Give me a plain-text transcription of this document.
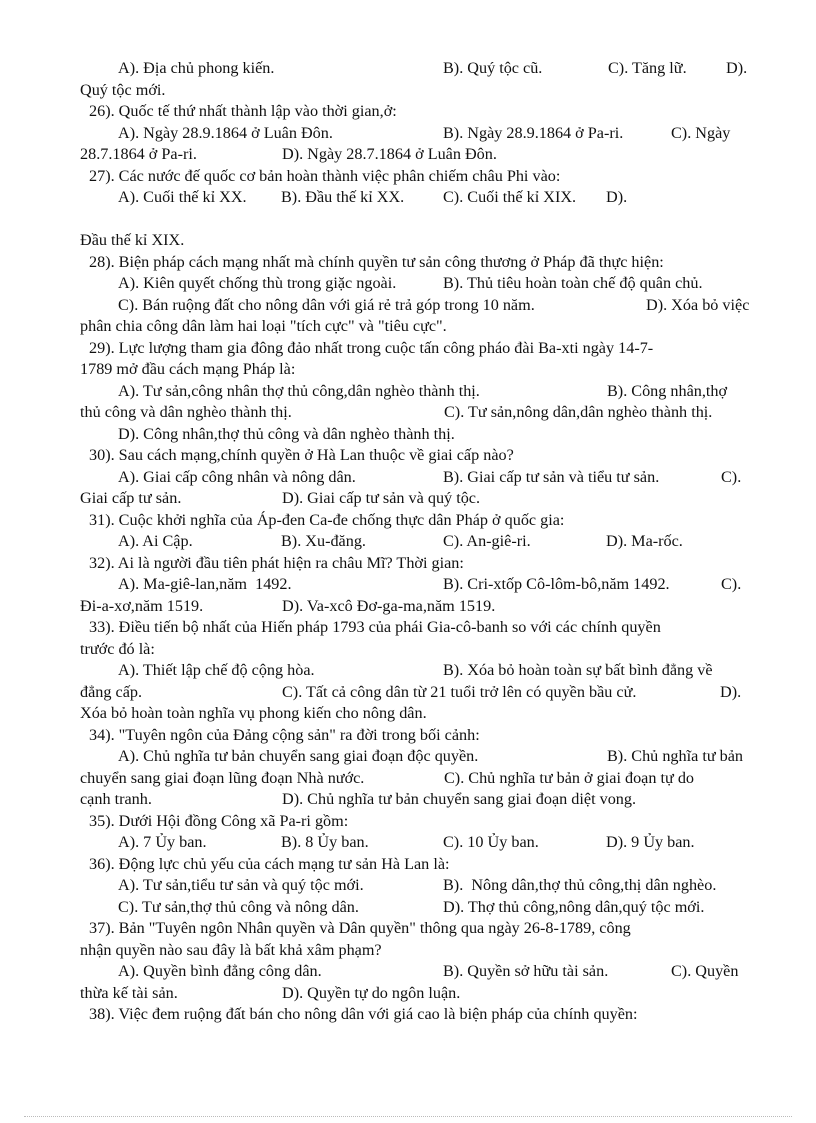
A). Địa chủ phong kiến.	B). Quý tộc cũ.	C). Tăng lữ. D).
Quý tộc mới.
26). Quốc tế thứ nhất thành lập vào thời gian,ở:
A). Ngày 28.9.1864 ở Luân Đôn.	B). Ngày 28.9.1864 ở Pa-ri.	C). Ngày
28.7.1864 ở Pa-ri.	D). Ngày 28.7.1864 ở Luân Đôn.
27). Các nước đế quốc cơ bản hoàn thành việc phân chiếm châu Phi vào:
A). Cuối thế kỉ XX. B). Đầu thế kỉ XX. C). Cuối thế kỉ XIX. D).
Đầu thế kỉ XIX.
28). Biện pháp cách mạng nhất mà chính quyền tư sản công thương ở Pháp đã thực hiện:
A). Kiên quyết chống thù trong giặc ngoài.	B). Thủ tiêu hoàn toàn chế độ quân chủ.
C). Bán ruộng đất cho nông dân với giá rẻ trả góp trong 10 năm.	D). Xóa bỏ việc
phân chia công dân làm hai loại "tích cực" và "tiêu cực".
29). Lực lượng tham gia đông đảo nhất trong cuộc tấn công pháo đài Ba-xti ngày 14-7-
1789 mở đầu cách mạng Pháp là:
A). Tư sản,công nhân thợ thủ công,dân nghèo thành thị.	B). Công nhân,thợ
thủ công và dân nghèo thành thị.	C). Tư sản,nông dân,dân nghèo thành thị.
D). Công nhân,thợ thủ công và dân nghèo thành thị.
30). Sau cách mạng,chính quyền ở Hà Lan thuộc về giai cấp nào?
A). Giai cấp công nhân và nông dân.	B). Giai cấp tư sản và tiểu tư sản.	C).
Giai cấp tư sản.	D). Giai cấp tư sản và quý tộc.
31). Cuộc khởi nghĩa của Áp-đen Ca-đe chống thực dân Pháp ở quốc gia:
A). Ai Cập.	B). Xu-đăng.	C). An-giê-ri.	D). Ma-rốc.
32). Ai là người đầu tiên phát hiện ra châu Mĩ? Thời gian:
A). Ma-giê-lan,năm  1492.	B). Cri-xtốp Cô-lôm-bô,năm 1492.	C).
Đi-a-xơ,năm 1519.	D). Va-xcô Đơ-ga-ma,năm 1519.
33). Điều tiến bộ nhất của Hiến pháp 1793 của phái Gia-cô-banh so với các chính quyền
trước đó là:
A). Thiết lập chế độ cộng hòa.	B). Xóa bỏ hoàn toàn sự bất bình đẳng về
đẳng cấp.	C). Tất cả công dân từ 21 tuổi trở lên có quyền bầu cử.	D).
Xóa bỏ hoàn toàn nghĩa vụ phong kiến cho nông dân.
34). "Tuyên ngôn của Đảng cộng sản" ra đời trong bối cảnh:
A). Chủ nghĩa tư bản chuyển sang giai đoạn độc quyền.	B). Chủ nghĩa tư bản
chuyển sang giai đoạn lũng đoạn Nhà nước.	C). Chủ nghĩa tư bản ở giai đoạn tự do
cạnh tranh.	D). Chủ nghĩa tư bản chuyển sang giai đoạn diệt vong.
35). Dưới Hội đồng Công xã Pa-ri gồm:
A). 7 Ủy ban.	B). 8 Ủy ban.	C). 10 Ủy ban.	D). 9 Ủy ban.
36). Động lực chủ yếu của cách mạng tư sản Hà Lan là:
A). Tư sản,tiểu tư sản và quý tộc mới.	B).  Nông dân,thợ thủ công,thị dân nghèo.
C). Tư sản,thợ thủ công và nông dân.	D). Thợ thủ công,nông dân,quý tộc mới.
37). Bản "Tuyên ngôn Nhân quyền và Dân quyền" thông qua ngày 26-8-1789, công
nhận quyền nào sau đây là bất khả xâm phạm?
A). Quyền bình đẳng công dân.	B). Quyền sở hữu tài sản.	C). Quyền
thừa kế tài sản.	D). Quyền tự do ngôn luận.
38). Việc đem ruộng đất bán cho nông dân với giá cao là biện pháp của chính quyền:
